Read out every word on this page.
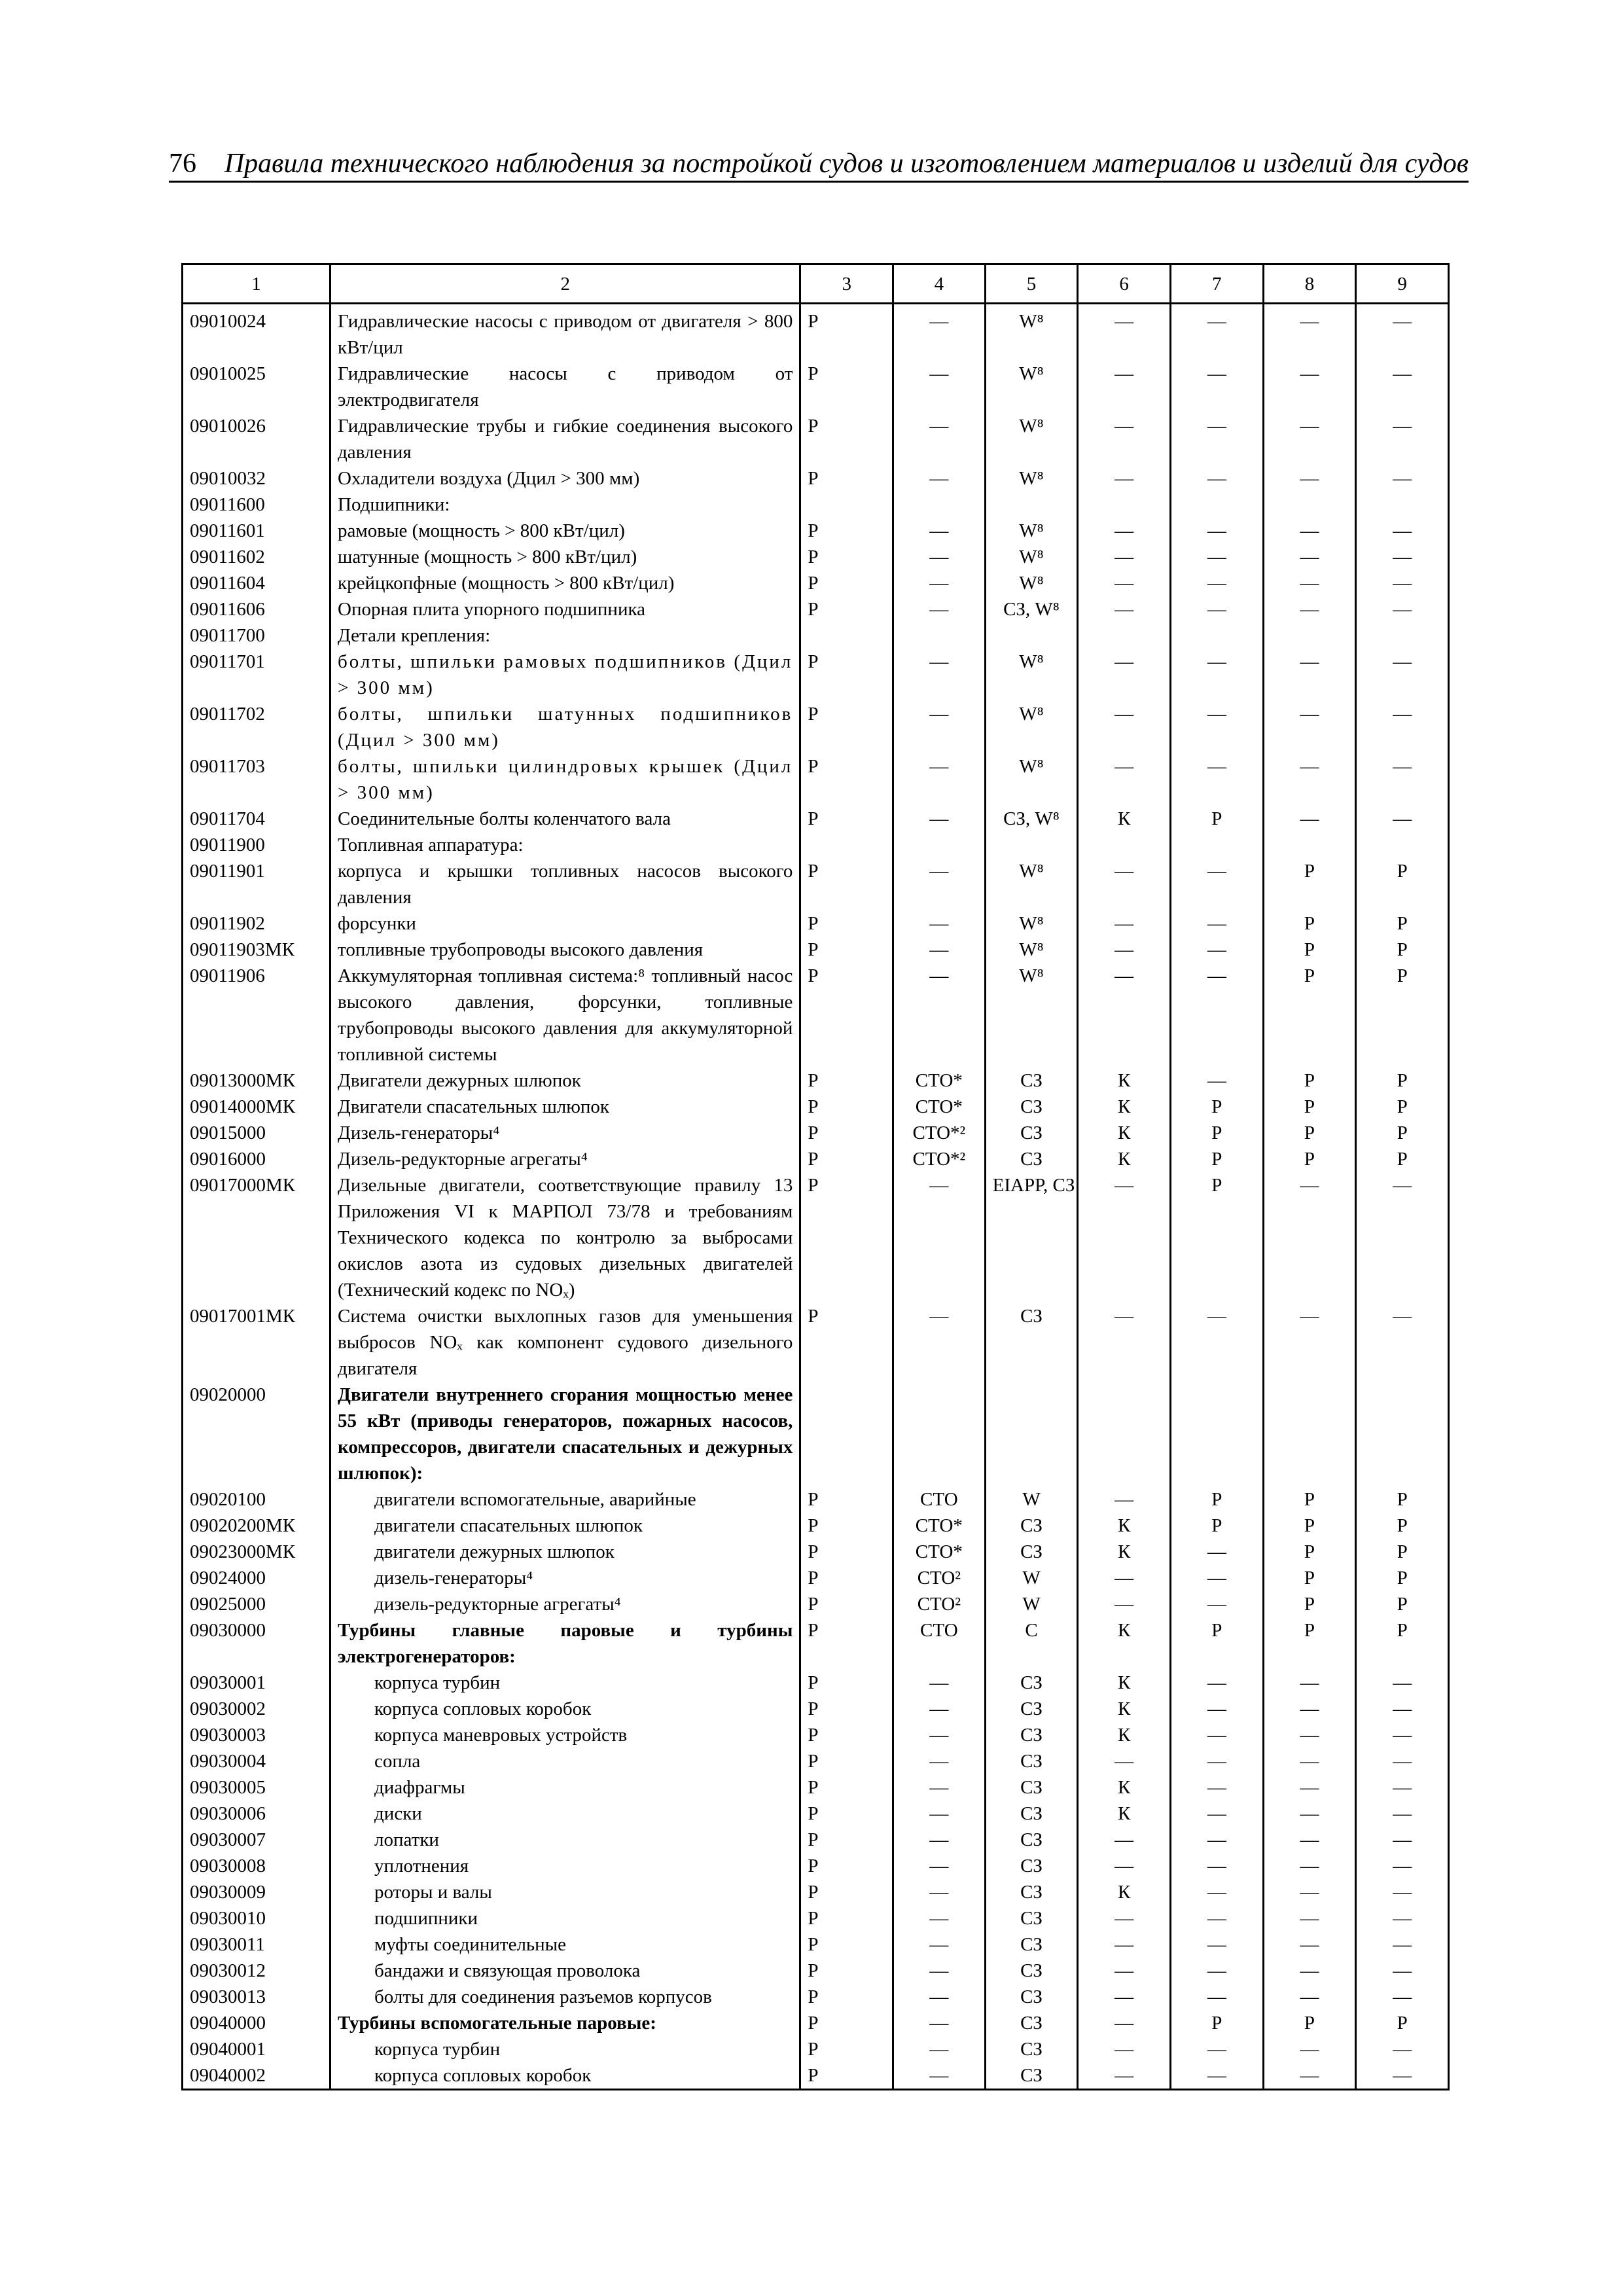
76 Правила технического наблюдения за постройкой судов и изготовлением материалов и изделий для судов
1	2	3	4	5	6	7	8	9
09010024	Гидравлические насосы с приводом от двигателя > 800 кВт/цил	Р	—	W⁸	—	—	—	—
09010025	Гидравлические насосы с приводом от электродвигателя	Р	—	W⁸	—	—	—	—
09010026	Гидравлические трубы и гибкие соединения высокого давления	Р	—	W⁸	—	—	—	—
09010032	Охладители воздуха (Дцил > 300 мм)	Р	—	W⁸	—	—	—	—
09011600	Подшипники:							
09011601	рамовые (мощность > 800 кВт/цил)	Р	—	W⁸	—	—	—	—
09011602	шатунные (мощность > 800 кВт/цил)	Р	—	W⁸	—	—	—	—
09011604	крейцкопфные (мощность > 800 кВт/цил)	Р	—	W⁸	—	—	—	—
09011606	Опорная плита упорного подшипника	Р	—	СЗ, W⁸	—	—	—	—
09011700	Детали крепления:							
09011701	болты, шпильки рамовых подшипников (Дцил > 300 мм)	Р	—	W⁸	—	—	—	—
09011702	болты, шпильки шатунных подшипников (Дцил > 300 мм)	Р	—	W⁸	—	—	—	—
09011703	болты, шпильки цилиндровых крышек (Дцил > 300 мм)	Р	—	W⁸	—	—	—	—
09011704	Соединительные болты коленчатого вала	Р	—	СЗ, W⁸	К	Р	—	—
09011900	Топливная аппаратура:							
09011901	корпуса и крышки топливных насосов высокого давления	Р	—	W⁸	—	—	Р	Р
09011902	форсунки	Р	—	W⁸	—	—	Р	Р
09011903МК	топливные трубопроводы высокого давления	Р	—	W⁸	—	—	Р	Р
09011906	Аккумуляторная топливная система:⁸ топливный насос высокого давления, форсунки, топливные трубопроводы высокого давления для аккумуляторной топливной системы	Р	—	W⁸	—	—	Р	Р
09013000МК	Двигатели дежурных шлюпок	Р	СТО*	СЗ	К	—	Р	Р
09014000МК	Двигатели спасательных шлюпок	Р	СТО*	СЗ	К	Р	Р	Р
09015000	Дизель-генераторы⁴	Р	СТО*²	СЗ	К	Р	Р	Р
09016000	Дизель-редукторные агрегаты⁴	Р	СТО*²	СЗ	К	Р	Р	Р
09017000МК	Дизельные двигатели, соответствующие правилу 13 Приложения VI к МАРПОЛ 73/78 и требованиям Технического кодекса по контролю за выбросами окислов азота из судовых дизельных двигателей (Технический кодекс по NOₓ)	Р	—	EIAPP, СЗ	—	Р	—	—
09017001МК	Система очистки выхлопных газов для уменьшения выбросов NOₓ как компонент судового дизельного двигателя	Р	—	СЗ	—	—	—	—
09020000	Двигатели внутреннего сгорания мощностью менее 55 кВт (приводы генераторов, пожарных насосов, компрессоров, двигатели спасательных и дежурных шлюпок):							
09020100	двигатели вспомогательные, аварийные	Р	СТО	W	—	Р	Р	Р
09020200МК	двигатели спасательных шлюпок	Р	СТО*	СЗ	К	Р	Р	Р
09023000МК	двигатели дежурных шлюпок	Р	СТО*	СЗ	К	—	Р	Р
09024000	дизель-генераторы⁴	Р	СТО²	W	—	—	Р	Р
09025000	дизель-редукторные агрегаты⁴	Р	СТО²	W	—	—	Р	Р
09030000	Турбины главные паровые и турбины электрогенераторов:	Р	СТО	С	К	Р	Р	Р
09030001	корпуса турбин	Р	—	СЗ	К	—	—	—
09030002	корпуса сопловых коробок	Р	—	СЗ	К	—	—	—
09030003	корпуса маневровых устройств	Р	—	СЗ	К	—	—	—
09030004	сопла	Р	—	СЗ	—	—	—	—
09030005	диафрагмы	Р	—	СЗ	К	—	—	—
09030006	диски	Р	—	СЗ	К	—	—	—
09030007	лопатки	Р	—	СЗ	—	—	—	—
09030008	уплотнения	Р	—	СЗ	—	—	—	—
09030009	роторы и валы	Р	—	СЗ	К	—	—	—
09030010	подшипники	Р	—	СЗ	—	—	—	—
09030011	муфты соединительные	Р	—	СЗ	—	—	—	—
09030012	бандажи и связующая проволока	Р	—	СЗ	—	—	—	—
09030013	болты для соединения разъемов корпусов	Р	—	СЗ	—	—	—	—
09040000	Турбины вспомогательные паровые:	Р	—	СЗ	—	Р	Р	Р
09040001	корпуса турбин	Р	—	СЗ	—	—	—	—
09040002	корпуса сопловых коробок	Р	—	СЗ	—	—	—	—
